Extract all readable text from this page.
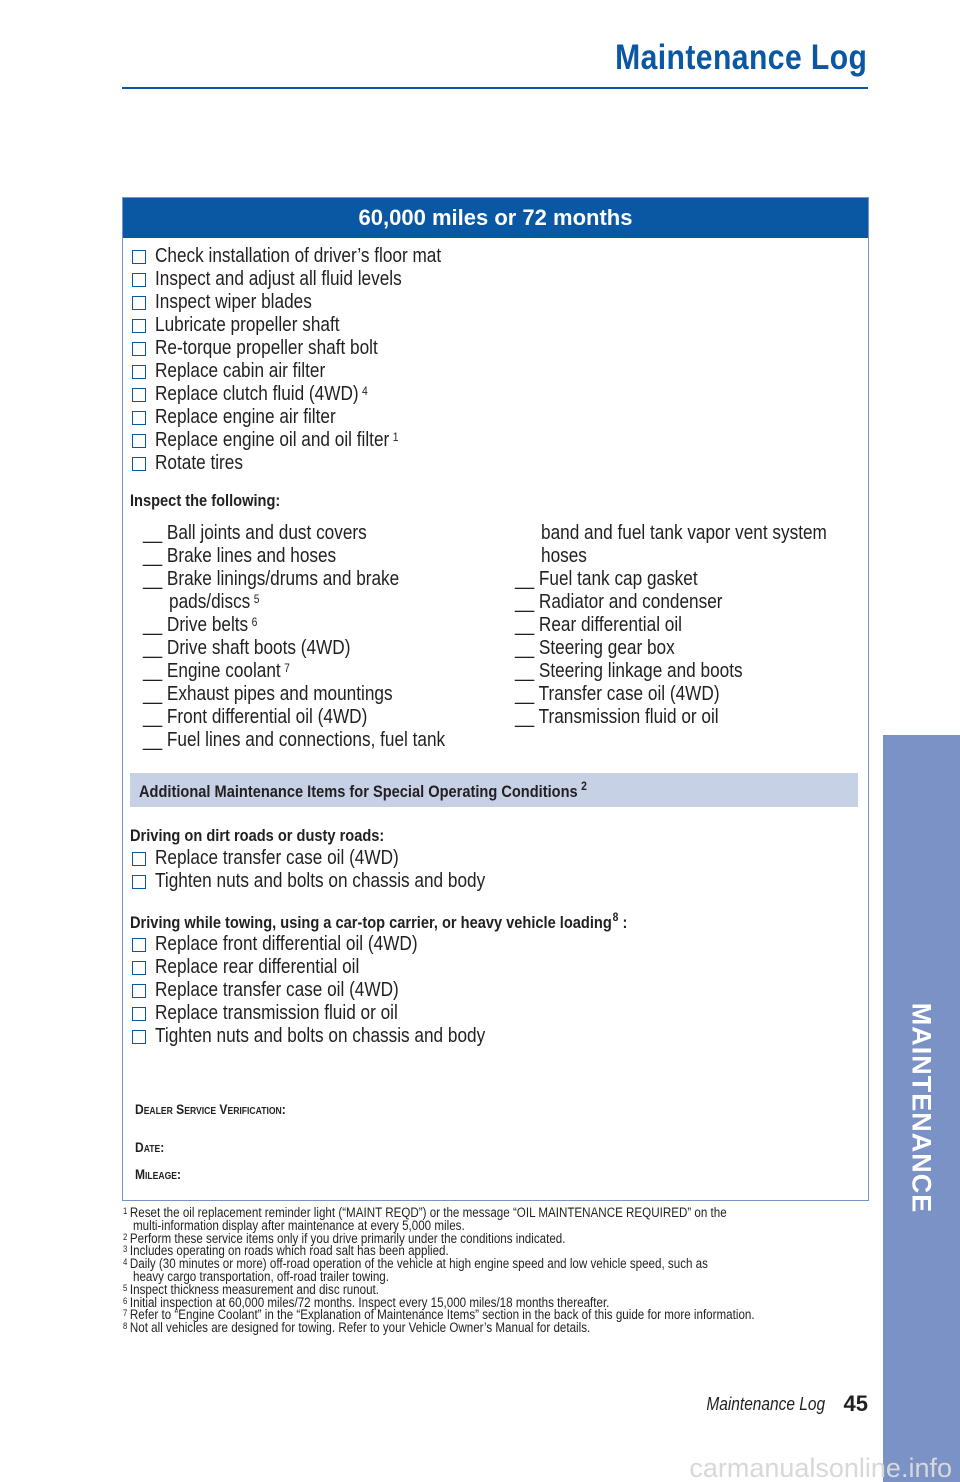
Maintenance Log
MAINTENANCE
60,000 miles or 72 months
Additional Maintenance Items for Special Operating Conditions $^2$
Check installation of driver’s floor mat
Inspect and adjust all fluid levels
Inspect wiper blades
Lubricate propeller shaft
Re-torque propeller shaft bolt
Replace cabin air filter
Replace clutch fluid (4WD) $^4$
Replace engine air filter
Replace engine oil and oil filter $^1$
Rotate tires
Inspect the following:
__ Ball joints and dust covers
__ Brake lines and hoses
__ Brake linings/drums and brake
pads/discs $^5$
__ Drive belts $^6$
__ Drive shaft boots (4WD)
__ Engine coolant $^7$
__ Exhaust pipes and mountings
__ Front differential oil (4WD)
__ Fuel lines and connections, fuel tank
band and fuel tank vapor vent system
hoses
__ Fuel tank cap gasket
__ Radiator and condenser
__ Rear differential oil
__ Steering gear box
__ Steering linkage and boots
__ Transfer case oil (4WD)
__ Transmission fluid or oil
Driving on dirt roads or dusty roads:
Replace transfer case oil (4WD)
Tighten nuts and bolts on chassis and body
Driving while towing, using a car-top carrier, or heavy vehicle loading$^8$ :
Replace front differential oil (4WD)
Replace rear differential oil
Replace transfer case oil (4WD)
Replace transmission fluid or oil
Tighten nuts and bolts on chassis and body
Dealer Service Verification:
Date:
Mileage:
$^1$ Reset the oil replacement reminder light (“MAINT REQD”) or the message “OIL MAINTENANCE REQUIRED” on the
multi-information display after maintenance at every 5,000 miles.
$^2$ Perform these service items only if you drive primarily under the conditions indicated.
$^3$ Includes operating on roads which road salt has been applied.
$^4$ Daily (30 minutes or more) off-road operation of the vehicle at high engine speed and low vehicle speed, such as
heavy cargo transportation, off-road trailer towing.
$^5$ Inspect thickness measurement and disc runout.
$^6$ Initial inspection at 60,000 miles/72 months. Inspect every 15,000 miles/18 months thereafter.
$^7$ Refer to “Engine Coolant” in the “Explanation of Maintenance Items” section in the back of this guide for more information.
$^8$ Not all vehicles are designed for towing. Refer to your Vehicle Owner’s Manual for details.
Maintenance Log 45
carmanualsonline.info
